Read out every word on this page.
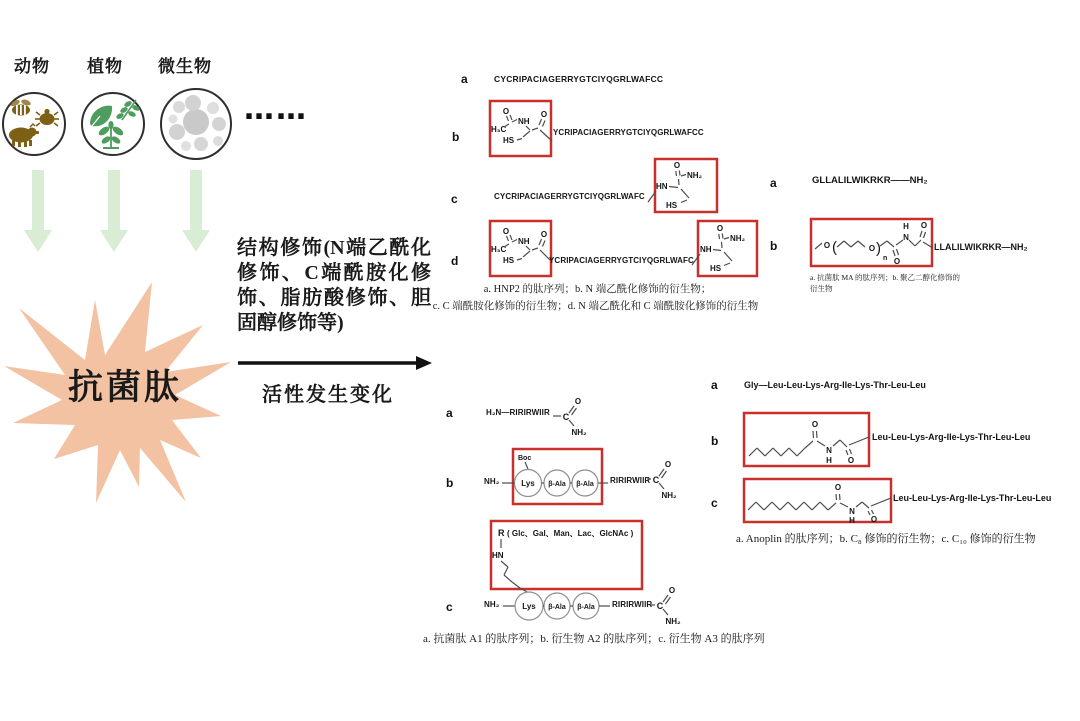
动物 植物 微生物
……
抗菌肽
结构修饰(N端乙酰化修饰、C端酰胺化修饰、脂肪酸修饰、胆固醇修饰等)
活性发生变化
a	CYCRIPACIAGERRYGTCIYQGRLWAFCC
b
O
H₃C
NH
O
HS
YCRIPACIAGERRYGTCIYQGRLWAFCC
c	CYCRIPACIAGERRYGTCIYQGRLWAFC
O
NH₂
HN
HS
d
O
H₃C
NH
O
HS	YCRIPACIAGERRYGTCIYQGRLWAFC
O
NH₂
NH
HS
a. HNP2 的肽序列；b. N 端乙酰化修饰的衍生物；
c. C 端酰胺化修饰的衍生物；d. N 端乙酰化和 C 端酰胺化修饰的衍生物
a	GLLALILWIKRKR——NH₂
b	O (	O )
n O
N
H O
LLALILWIKRKR—NH₂
a. 抗菌肽 MA 的肽序列；b. 聚乙二醇化修饰的衍生物
a	H₂N—RIRIRWIIR C
O
NH₂
b	NH₂
Boc
Lys β-Ala β-Ala RIRIRWIIR C
O
NH₂
R ( Glc、Gal、Man、Lac、GlcNAc )
HN
c	NH₂	Lys β-Ala β-Ala RIRIRWIIR C
O
NH₂
a. 抗菌肽 A1 的肽序列；b. 衍生物 A2 的肽序列；c. 衍生物 A3 的肽序列
a	Gly—Leu-Leu-Lys-Arg-Ile-Lys-Thr-Leu-Leu
b
O
N
H O
Leu-Leu-Lys-Arg-Ile-Lys-Thr-Leu-Leu
c
O
N
H O
Leu-Leu-Lys-Arg-Ile-Lys-Thr-Leu-Leu
a. Anoplin 的肽序列；b. C₈ 修饰的衍生物；c. C₁₀ 修饰的衍生物
